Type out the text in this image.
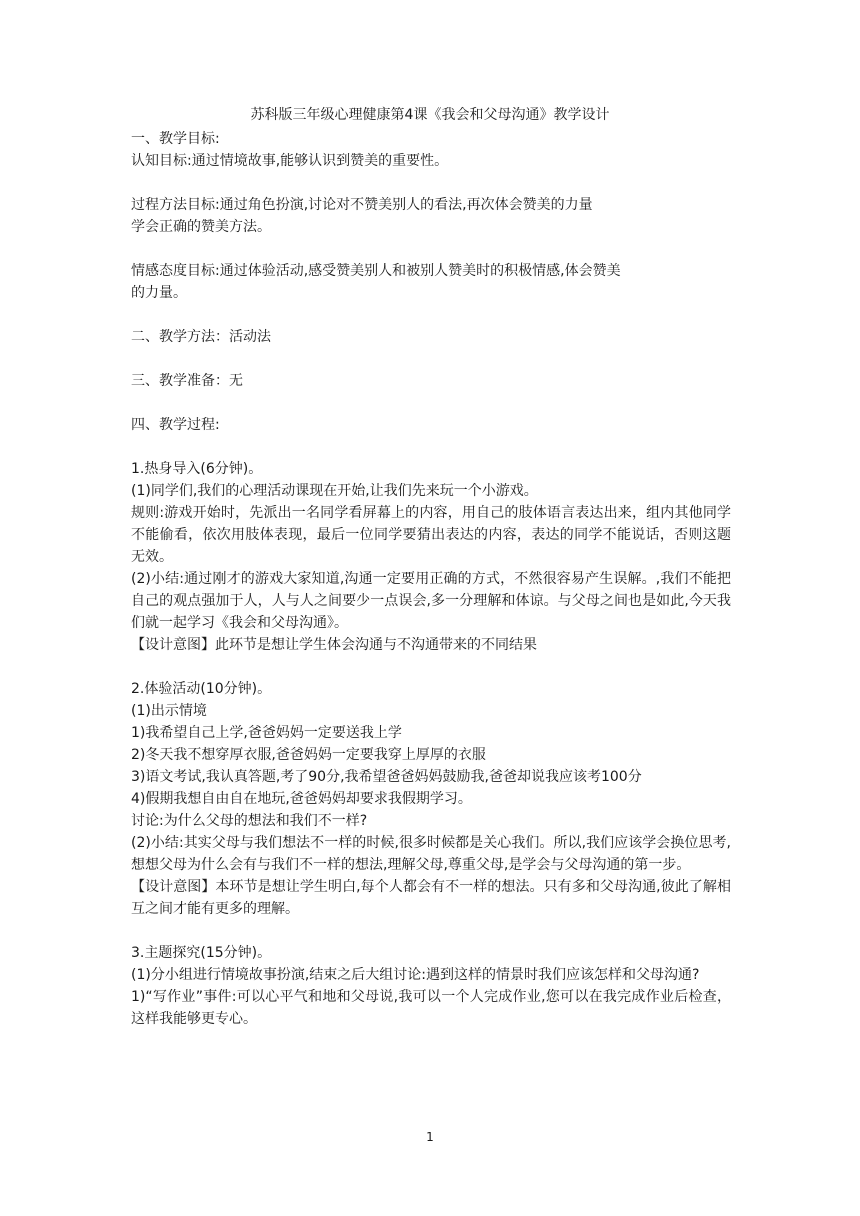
苏科版三年级心理健康第4课《我会和父母沟通》教学设计
一、教学目标:
认知目标:通过情境故事,能够认识到赞美的重要性。
过程方法目标:通过角色扮演,讨论对不赞美别人的看法,再次体会赞美的力量
学会正确的赞美方法。
情感态度目标:通过体验活动,感受赞美别人和被别人赞美时的积极情感,体会赞美
的力量。
二、教学方法：活动法
三、教学准备：无
四、教学过程:
1.热身导入(6分钟)。
(1)同学们,我们的心理活动课现在开始,让我们先来玩一个小游戏。
规则:游戏开始时，先派出一名同学看屏幕上的内容，用自己的肢体语言表达出来，组内其他同学不能偷看，依次用肢体表现，最后一位同学要猜出表达的内容，表达的同学不能说话，否则这题无效。
(2)小结:通过刚才的游戏大家知道,沟通一定要用正确的方式，不然很容易产生误解。,我们不能把自己的观点强加于人，人与人之间要少一点误会,多一分理解和体谅。与父母之间也是如此,今天我们就一起学习《我会和父母沟通》。
【设计意图】此环节是想让学生体会沟通与不沟通带来的不同结果
2.体验活动(10分钟)。
(1)出示情境
1)我希望自己上学,爸爸妈妈一定要送我上学
2)冬天我不想穿厚衣服,爸爸妈妈一定要我穿上厚厚的衣服
3)语文考试,我认真答题,考了90分,我希望爸爸妈妈鼓励我,爸爸却说我应该考100分
4)假期我想自由自在地玩,爸爸妈妈却要求我假期学习。
讨论:为什么父母的想法和我们不一样?
(2)小结:其实父母与我们想法不一样的时候,很多时候都是关心我们。所以,我们应该学会换位思考,想想父母为什么会有与我们不一样的想法,理解父母,尊重父母,是学会与父母沟通的第一步。
【设计意图】本环节是想让学生明白,每个人都会有不一样的想法。只有多和父母沟通,彼此了解相互之间才能有更多的理解。
3.主题探究(15分钟)。
(1)分小组进行情境故事扮演,结束之后大组讨论:遇到这样的情景时我们应该怎样和父母沟通?
1)“写作业”事件:可以心平气和地和父母说,我可以一个人完成作业,您可以在我完成作业后检查，这样我能够更专心。
1
